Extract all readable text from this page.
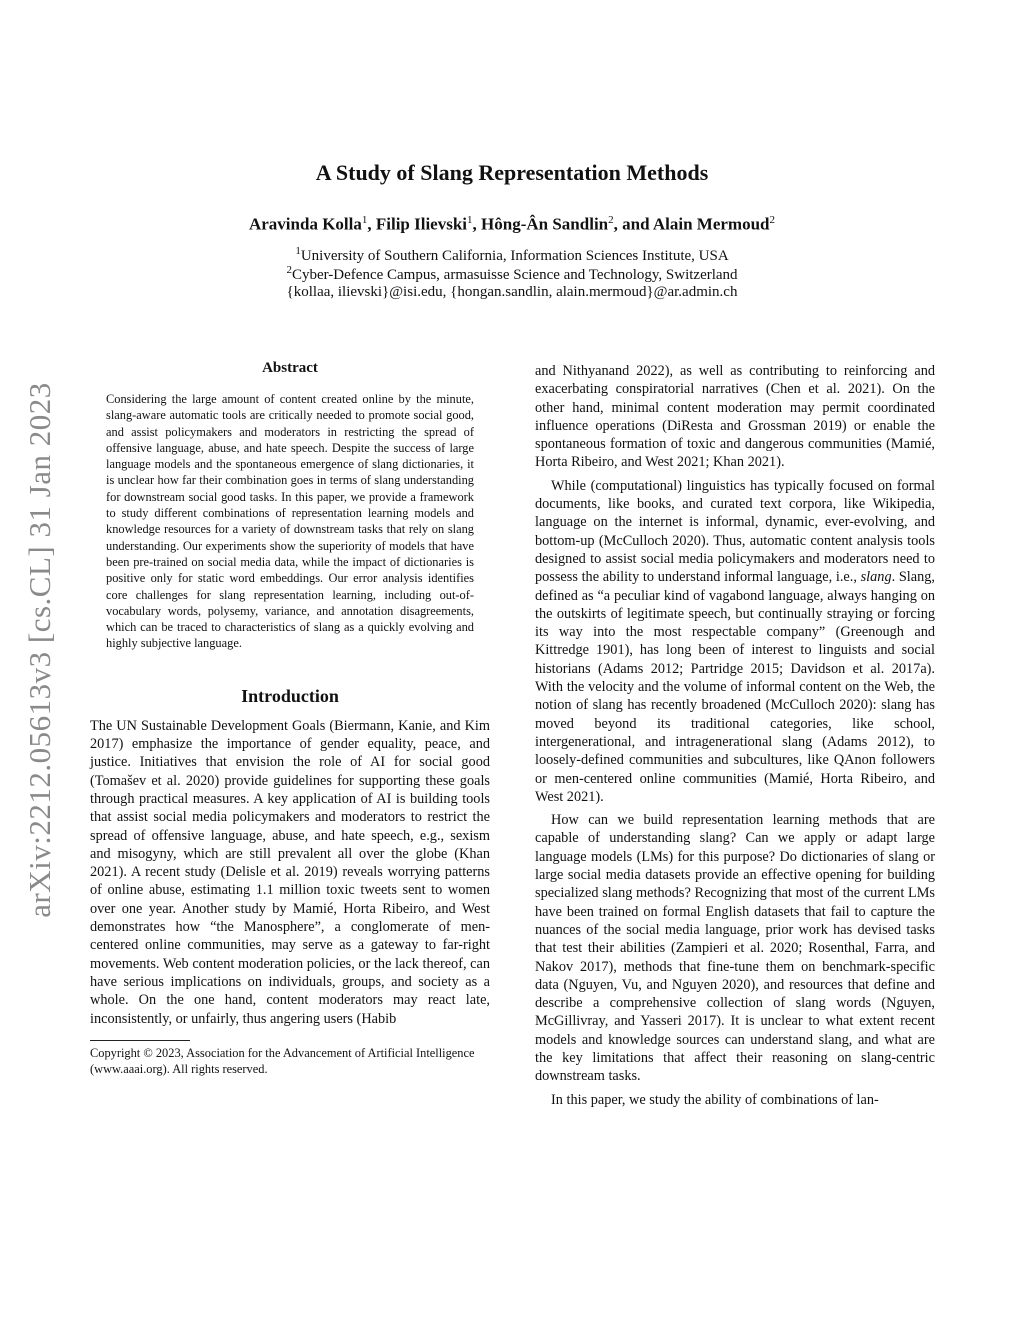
A Study of Slang Representation Methods
Aravinda Kolla$^1$, Filip Ilievski$^1$, Hông-Ân Sandlin$^2$, and Alain Mermoud$^2$
$^1$University of Southern California, Information Sciences Institute, USA
$^2$Cyber-Defence Campus, armasuisse Science and Technology, Switzerland
{kollaa, ilievski}@isi.edu, {hongan.sandlin, alain.mermoud}@ar.admin.ch
arXiv:2212.05613v3 [cs.CL] 31 Jan 2023
Abstract

Considering the large amount of content created online by the minute, slang-aware automatic tools are critically needed to promote social good, and assist policymakers and moderators in restricting the spread of offensive language, abuse, and hate speech. Despite the success of large language models and the spontaneous emergence of slang dictionaries, it is unclear how far their combination goes in terms of slang understanding for downstream social good tasks. In this paper, we provide a framework to study different combinations of representation learning models and knowledge resources for a variety of downstream tasks that rely on slang understanding. Our experiments show the superiority of models that have been pre-trained on social media data, while the impact of dictionaries is positive only for static word embeddings. Our error analysis identifies core challenges for slang representation learning, including out-of-vocabulary words, polysemy, variance, and annotation disagreements, which can be traced to characteristics of slang as a quickly evolving and highly subjective language.

Introduction

The UN Sustainable Development Goals (Biermann, Kanie, and Kim 2017) emphasize the importance of gender equality, peace, and justice. Initiatives that envision the role of AI for social good (Tomašev et al. 2020) provide guidelines for supporting these goals through practical measures. A key application of AI is building tools that assist social media policymakers and moderators to restrict the spread of offensive language, abuse, and hate speech, e.g., sexism and misogyny, which are still prevalent all over the globe (Khan 2021). A recent study (Delisle et al. 2019) reveals worrying patterns of online abuse, estimating 1.1 million toxic tweets sent to women over one year. Another study by Mamié, Horta Ribeiro, and West demonstrates how “the Manosphere”, a conglomerate of men-centered online communities, may serve as a gateway to far-right movements. Web content moderation policies, or the lack thereof, can have serious implications on individuals, groups, and society as a whole. On the one hand, content moderators may react late, inconsistently, or unfairly, thus angering users (Habib

Copyright © 2023, Association for the Advancement of Artificial Intelligence (www.aaai.org). All rights reserved.

and Nithyanand 2022), as well as contributing to reinforcing and exacerbating conspiratorial narratives (Chen et al. 2021). On the other hand, minimal content moderation may permit coordinated influence operations (DiResta and Grossman 2019) or enable the spontaneous formation of toxic and dangerous communities (Mamié, Horta Ribeiro, and West 2021; Khan 2021).

While (computational) linguistics has typically focused on formal documents, like books, and curated text corpora, like Wikipedia, language on the internet is informal, dynamic, ever-evolving, and bottom-up (McCulloch 2020). Thus, automatic content analysis tools designed to assist social media policymakers and moderators need to possess the ability to understand informal language, i.e., slang. Slang, defined as “a peculiar kind of vagabond language, always hanging on the outskirts of legitimate speech, but continually straying or forcing its way into the most respectable company” (Greenough and Kittredge 1901), has long been of interest to linguists and social historians (Adams 2012; Partridge 2015; Davidson et al. 2017a). With the velocity and the volume of informal content on the Web, the notion of slang has recently broadened (McCulloch 2020): slang has moved beyond its traditional categories, like school, intergenerational, and intragenerational slang (Adams 2012), to loosely-defined communities and subcultures, like QAnon followers or men-centered online communities (Mamié, Horta Ribeiro, and West 2021).

How can we build representation learning methods that are capable of understanding slang? Can we apply or adapt large language models (LMs) for this purpose? Do dictionaries of slang or large social media datasets provide an effective opening for building specialized slang methods? Recognizing that most of the current LMs have been trained on formal English datasets that fail to capture the nuances of the social media language, prior work has devised tasks that test their abilities (Zampieri et al. 2020; Rosenthal, Farra, and Nakov 2017), methods that fine-tune them on benchmark-specific data (Nguyen, Vu, and Nguyen 2020), and resources that define and describe a comprehensive collection of slang words (Nguyen, McGillivray, and Yasseri 2017). It is unclear to what extent recent models and knowledge sources can understand slang, and what are the key limitations that affect their reasoning on slang-centric downstream tasks.

In this paper, we study the ability of combinations of lan-
